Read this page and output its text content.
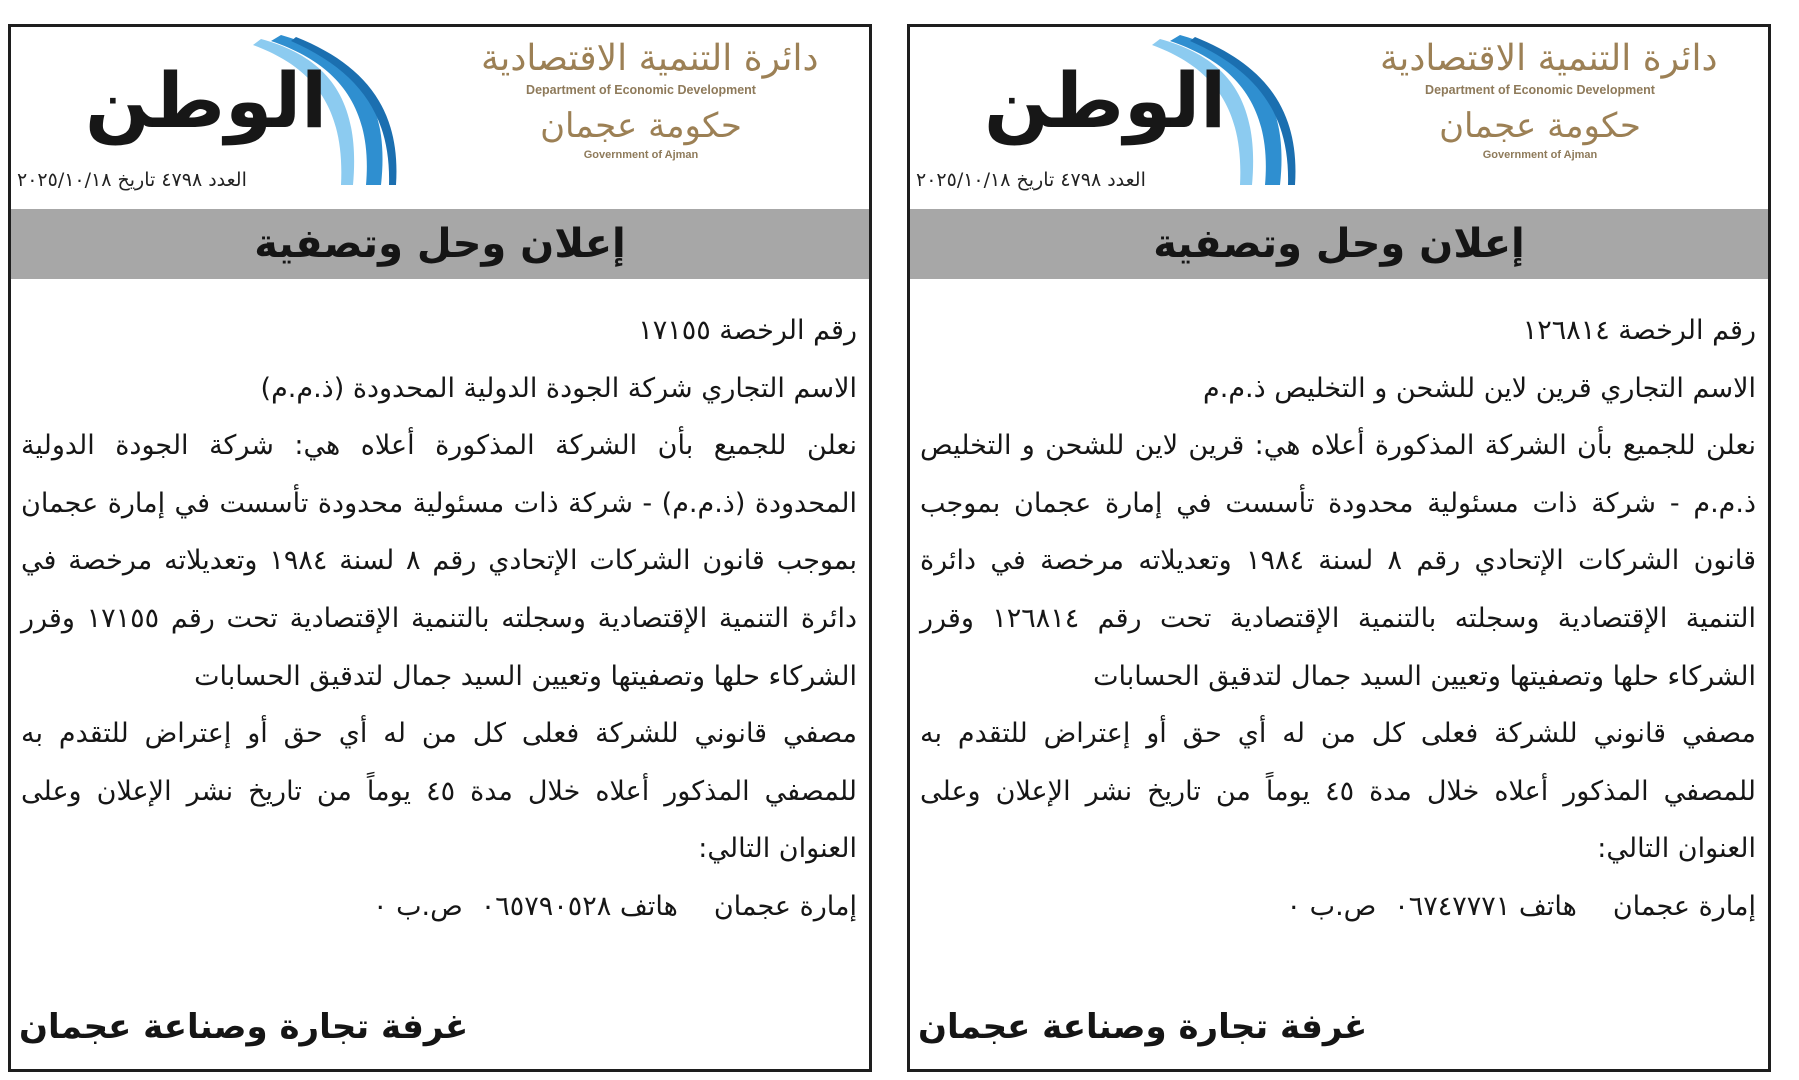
الوطن
العدد ٤٧٩٨ تاريخ ٢٠٢٥/١٠/١٨
دائرة التنمية الاقتصادية
Department of Economic Development
حكومة عجمان
Government of Ajman
إعلان وحل وتصفية

رقم الرخصة ١٧١٥٥

الاسم التجاري شركة الجودة الدولية المحدودة (ذ.م.م)

نعلن للجميع بأن الشركة المذكورة أعلاه هي: شركة الجودة الدولية المحدودة (ذ.م.م) - شركة ذات مسئولية محدودة تأسست في إمارة عجمان بموجب قانون الشركات الإتحادي رقم ٨ لسنة ١٩٨٤ وتعديلاته مرخصة في دائرة التنمية الإقتصادية وسجلته بالتنمية الإقتصادية تحت رقم ١٧١٥٥ وقرر الشركاء حلها وتصفيتها وتعيين السيد جمال لتدقيق الحسابات

مصفي قانوني للشركة فعلى كل من له أي حق أو إعتراض للتقدم به للمصفي المذكور أعلاه خلال مدة ٤٥ يوماً من تاريخ نشر الإعلان وعلى العنوان التالي:

إمارة عجمانهاتف ٠٦٥٧٩٠٥٢٨ص.ب ٠

غرفة تجارة وصناعة عجمان
الوطن
العدد ٤٧٩٨ تاريخ ٢٠٢٥/١٠/١٨
دائرة التنمية الاقتصادية
Department of Economic Development
حكومة عجمان
Government of Ajman
إعلان وحل وتصفية

رقم الرخصة ١٢٦٨١٤

الاسم التجاري قرين لاين للشحن و التخليص ذ.م.م

نعلن للجميع بأن الشركة المذكورة أعلاه هي: قرين لاين للشحن و التخليص ذ.م.م - شركة ذات مسئولية محدودة تأسست في إمارة عجمان بموجب قانون الشركات الإتحادي رقم ٨ لسنة ١٩٨٤ وتعديلاته مرخصة في دائرة التنمية الإقتصادية وسجلته بالتنمية الإقتصادية تحت رقم ١٢٦٨١٤ وقرر الشركاء حلها وتصفيتها وتعيين السيد جمال لتدقيق الحسابات

مصفي قانوني للشركة فعلى كل من له أي حق أو إعتراض للتقدم به للمصفي المذكور أعلاه خلال مدة ٤٥ يوماً من تاريخ نشر الإعلان وعلى العنوان التالي:

إمارة عجمانهاتف ٠٦٧٤٧٧٧١ص.ب ٠

غرفة تجارة وصناعة عجمان
